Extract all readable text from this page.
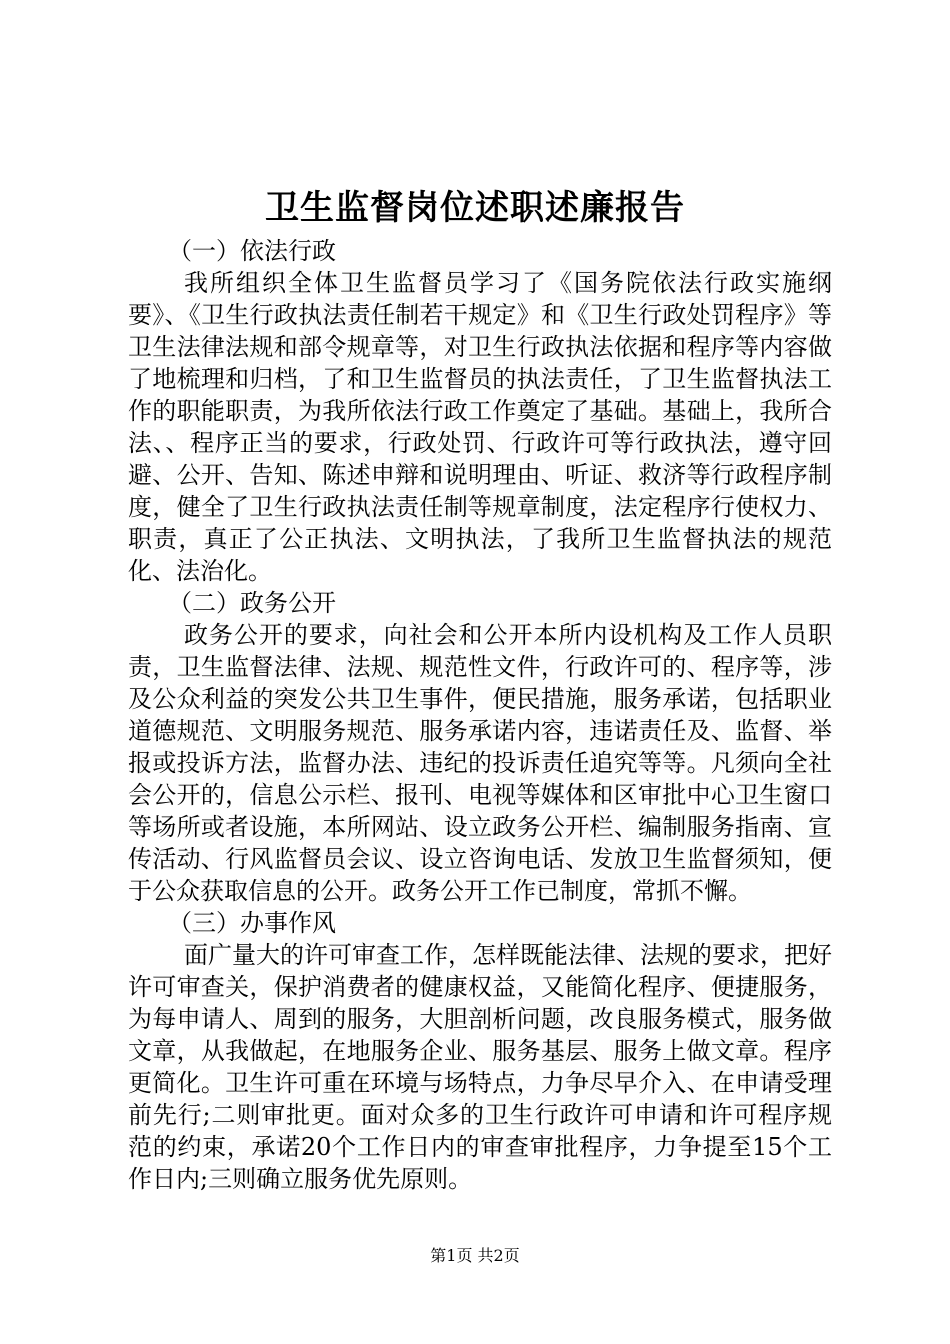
卫生监督岗位述职述廉报告

（一）依法行政

我所组织全体卫生监督员学习了《国务院依法行政实施纲要》、《卫生行政执法责任制若干规定》和《卫生行政处罚程序》等卫生法律法规和部令规章等，对卫生行政执法依据和程序等内容做了地梳理和归档，了和卫生监督员的执法责任，了卫生监督执法工作的职能职责，为我所依法行政工作奠定了基础。基础上，我所合法、、程序正当的要求，行政处罚、行政许可等行政执法，遵守回避、公开、告知、陈述申辩和说明理由、听证、救济等行政程序制度，健全了卫生行政执法责任制等规章制度，法定程序行使权力、职责，真正了公正执法、文明执法，了我所卫生监督执法的规范化、法治化。

（二）政务公开

政务公开的要求，向社会和公开本所内设机构及工作人员职责，卫生监督法律、法规、规范性文件，行政许可的、程序等，涉及公众利益的突发公共卫生事件，便民措施，服务承诺，包括职业道德规范、文明服务规范、服务承诺内容，违诺责任及、监督、举报或投诉方法，监督办法、违纪的投诉责任追究等等。凡须向全社会公开的，信息公示栏、报刊、电视等媒体和区审批中心卫生窗口等场所或者设施，本所网站、设立政务公开栏、编制服务指南、宣传活动、行风监督员会议、设立咨询电话、发放卫生监督须知，便于公众获取信息的公开。政务公开工作已制度，常抓不懈。

（三）办事作风

面广量大的许可审查工作，怎样既能法律、法规的要求，把好许可审查关，保护消费者的健康权益，又能简化程序、便捷服务，为每申请人、周到的服务，大胆剖析问题，改良服务模式，服务做文章，从我做起，在地服务企业、服务基层、服务上做文章。程序更简化。卫生许可重在环境与场特点，力争尽早介入、在申请受理前先行;二则审批更。面对众多的卫生行政许可申请和许可程序规范的约束，承诺20个工作日内的审查审批程序，力争提至15个工作日内;三则确立服务优先原则。

第1页 共2页
